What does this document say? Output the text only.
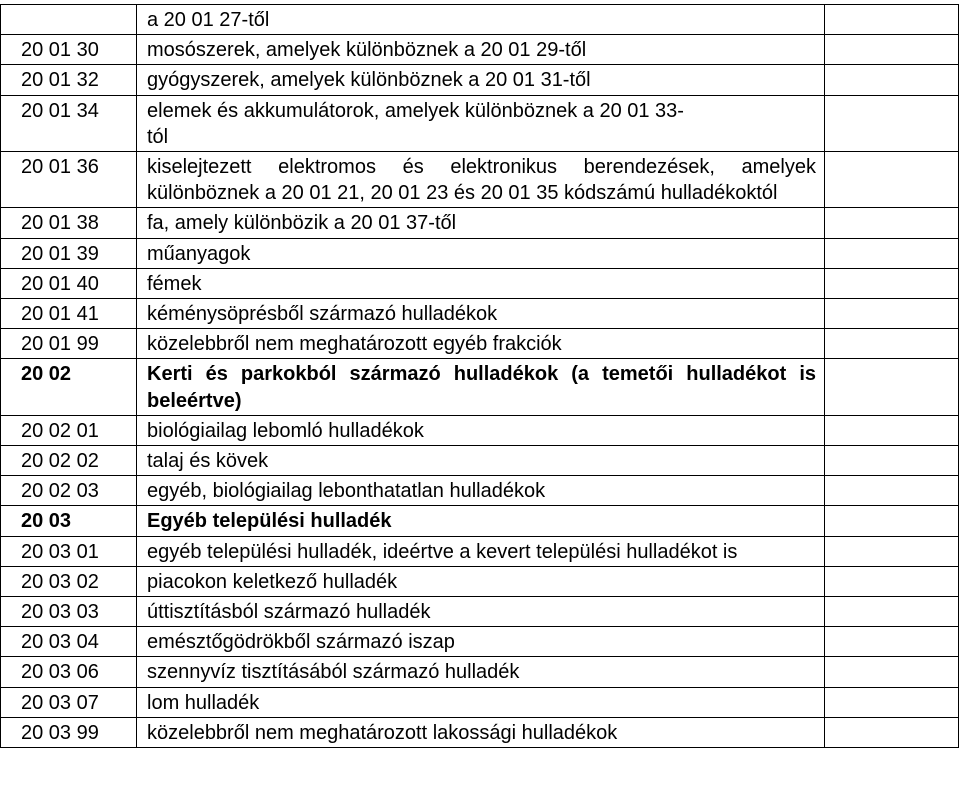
	a 20 01 27-től	
20 01 30	mosószerek, amelyek különböznek a 20 01 29-től	
20 01 32	gyógyszerek, amelyek különböznek a 20 01 31-től	
20 01 34	elemek és akkumulátorok, amelyek különböznek a 20 01 33-tól	
20 01 36	kiselejtezett elektromos és elektronikus berendezések, amelyek különböznek a 20 01 21, 20 01 23 és 20 01 35 kódszámú hulladékoktól	
20 01 38	fa, amely különbözik a 20 01 37-től	
20 01 39	műanyagok	
20 01 40	fémek	
20 01 41	kéménysöprésből származó hulladékok	
20 01 99	közelebbről nem meghatározott egyéb frakciók	
20 02	Kerti és parkokból származó hulladékok (a temetői hulladékot is beleértve)	
20 02 01	biológiailag lebomló hulladékok	
20 02 02	talaj és kövek	
20 02 03	egyéb, biológiailag lebonthatatlan hulladékok	
20 03	Egyéb települési hulladék	
20 03 01	egyéb települési hulladék, ideértve a kevert települési hulladékot is	
20 03 02	piacokon keletkező hulladék	
20 03 03	úttisztításból származó hulladék	
20 03 04	emésztőgödrökből származó iszap	
20 03 06	szennyvíz tisztításából származó hulladék	
20 03 07	lom hulladék	
20 03 99	közelebbről nem meghatározott lakossági hulladékok	
